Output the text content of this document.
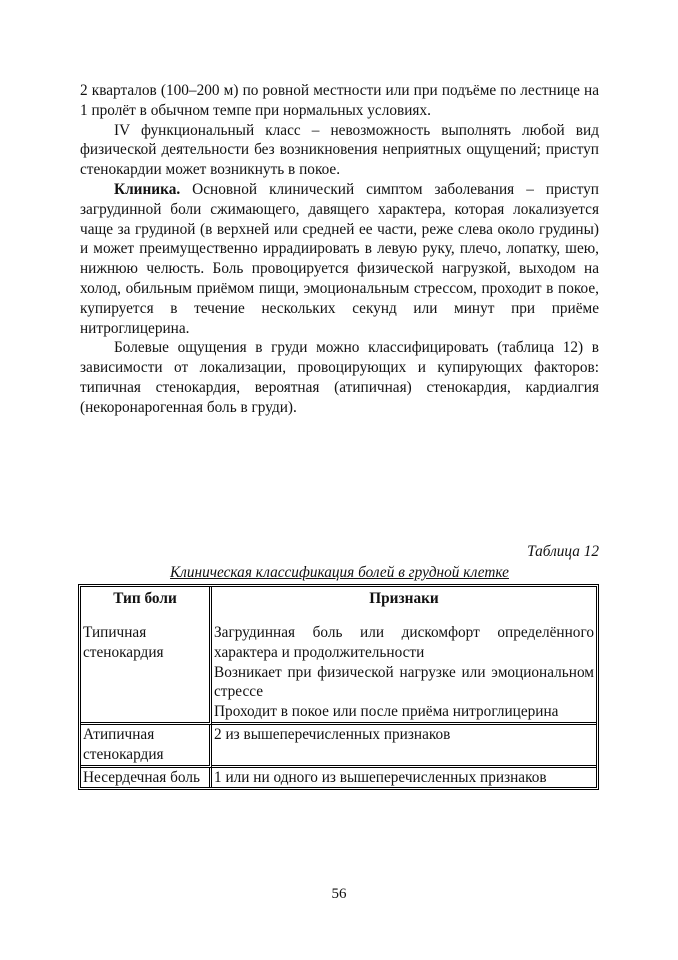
2 кварталов (100–200 м) по ровной местности или при подъёме по лестнице на 1 пролёт в обычном темпе при нормальных условиях.

IV функциональный класс – невозможность выполнять любой вид физической деятельности без возникновения неприятных ощущений; приступ стенокардии может возникнуть в покое.

Клиника. Основной клинический симптом заболевания – приступ загрудинной боли сжимающего, давящего характера, которая локализуется чаще за грудиной (в верхней или средней ее части, реже слева около грудины) и может преимущественно иррадиировать в левую руку, плечо, лопатку, шею, нижнюю челюсть. Боль провоцируется физической нагрузкой, выходом на холод, обильным приёмом пищи, эмоциональным стрессом, проходит в покое, купируется в течение нескольких секунд или минут при приёме нитроглицерина.

Болевые ощущения в груди можно классифицировать (таблица 12) в зависимости от локализации, провоцирующих и купирующих факторов: типичная стенокардия, вероятная (атипичная) стенокардия, кардиалгия (некоронарогенная боль в груди).

Таблица 12
Клиническая классификация болей в грудной клетке
Тип боли	Признаки
Типичная стенокардия	Загрудинная боль или дискомфорт определённого характера и продолжительности
Возникает при физической нагрузке или эмоциональном стрессе
Проходит в покое или после приёма нитроглицерина

Атипичная стенокардия	2 из вышеперечисленных признаков

Несердечная боль	1 или ни одного из вышеперечисленных признаков
56
